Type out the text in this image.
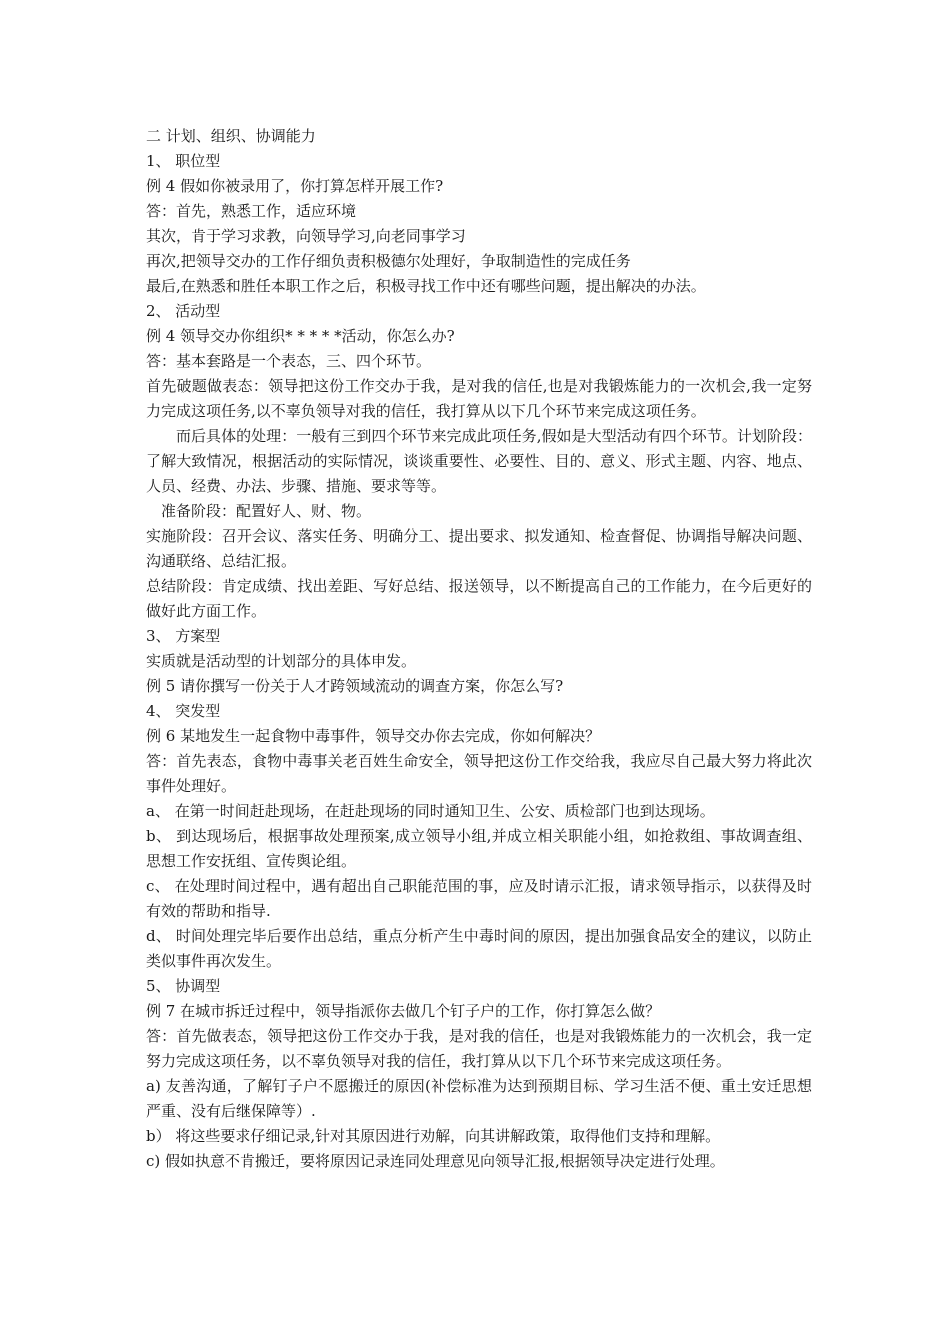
二 计划、组织、协调能力

1、 职位型

例 4 假如你被录用了，你打算怎样开展工作?

答：首先，熟悉工作，适应环境

其次，肯于学习求教，向领导学习,向老同事学习

再次,把领导交办的工作仔细负责积极德尔处理好，争取制造性的完成任务

最后,在熟悉和胜任本职工作之后，积极寻找工作中还有哪些问题，提出解决的办法。

2、 活动型

例 4 领导交办你组织* * * * *活动，你怎么办?

答：基本套路是一个表态，三、四个环节。

首先破题做表态：领导把这份工作交办于我，是对我的信任,也是对我锻炼能力的一次机会,我一定努力完成这项任务,以不辜负领导对我的信任，我打算从以下几个环节来完成这项任务。

而后具体的处理：一般有三到四个环节来完成此项任务,假如是大型活动有四个环节。计划阶段：了解大致情况，根据活动的实际情况，谈谈重要性、必要性、目的、意义、形式主题、内容、地点、人员、经费、办法、步骤、措施、要求等等。

准备阶段：配置好人、财、物。

实施阶段：召开会议、落实任务、明确分工、提出要求、拟发通知、检查督促、协调指导解决问题、沟通联络、总结汇报。

总结阶段：肯定成绩、找出差距、写好总结、报送领导，以不断提高自己的工作能力，在今后更好的做好此方面工作。

3、 方案型

实质就是活动型的计划部分的具体申发。

例 5 请你撰写一份关于人才跨领域流动的调查方案，你怎么写?

4、 突发型

例 6 某地发生一起食物中毒事件，领导交办你去完成，你如何解决？

答：首先表态，食物中毒事关老百姓生命安全，领导把这份工作交给我，我应尽自己最大努力将此次事件处理好。

a、 在第一时间赶赴现场，在赶赴现场的同时通知卫生、公安、质检部门也到达现场。

b、 到达现场后，根据事故处理预案,成立领导小组,并成立相关职能小组，如抢救组、事故调查组、思想工作安抚组、宣传舆论组。

c、 在处理时间过程中，遇有超出自己职能范围的事，应及时请示汇报，请求领导指示，以获得及时有效的帮助和指导.

d、 时间处理完毕后要作出总结，重点分析产生中毒时间的原因，提出加强食品安全的建议，以防止类似事件再次发生。

5、 协调型

例 7 在城市拆迁过程中，领导指派你去做几个钉子户的工作，你打算怎么做？

答：首先做表态，领导把这份工作交办于我，是对我的信任，也是对我锻炼能力的一次机会，我一定努力完成这项任务，以不辜负领导对我的信任，我打算从以下几个环节来完成这项任务。

a) 友善沟通，了解钉子户不愿搬迁的原因(补偿标准为达到预期目标、学习生活不便、重土安迁思想严重、没有后继保障等）.

b） 将这些要求仔细记录,针对其原因进行劝解，向其讲解政策，取得他们支持和理解。

c) 假如执意不肯搬迁，要将原因记录连同处理意见向领导汇报,根据领导决定进行处理。
